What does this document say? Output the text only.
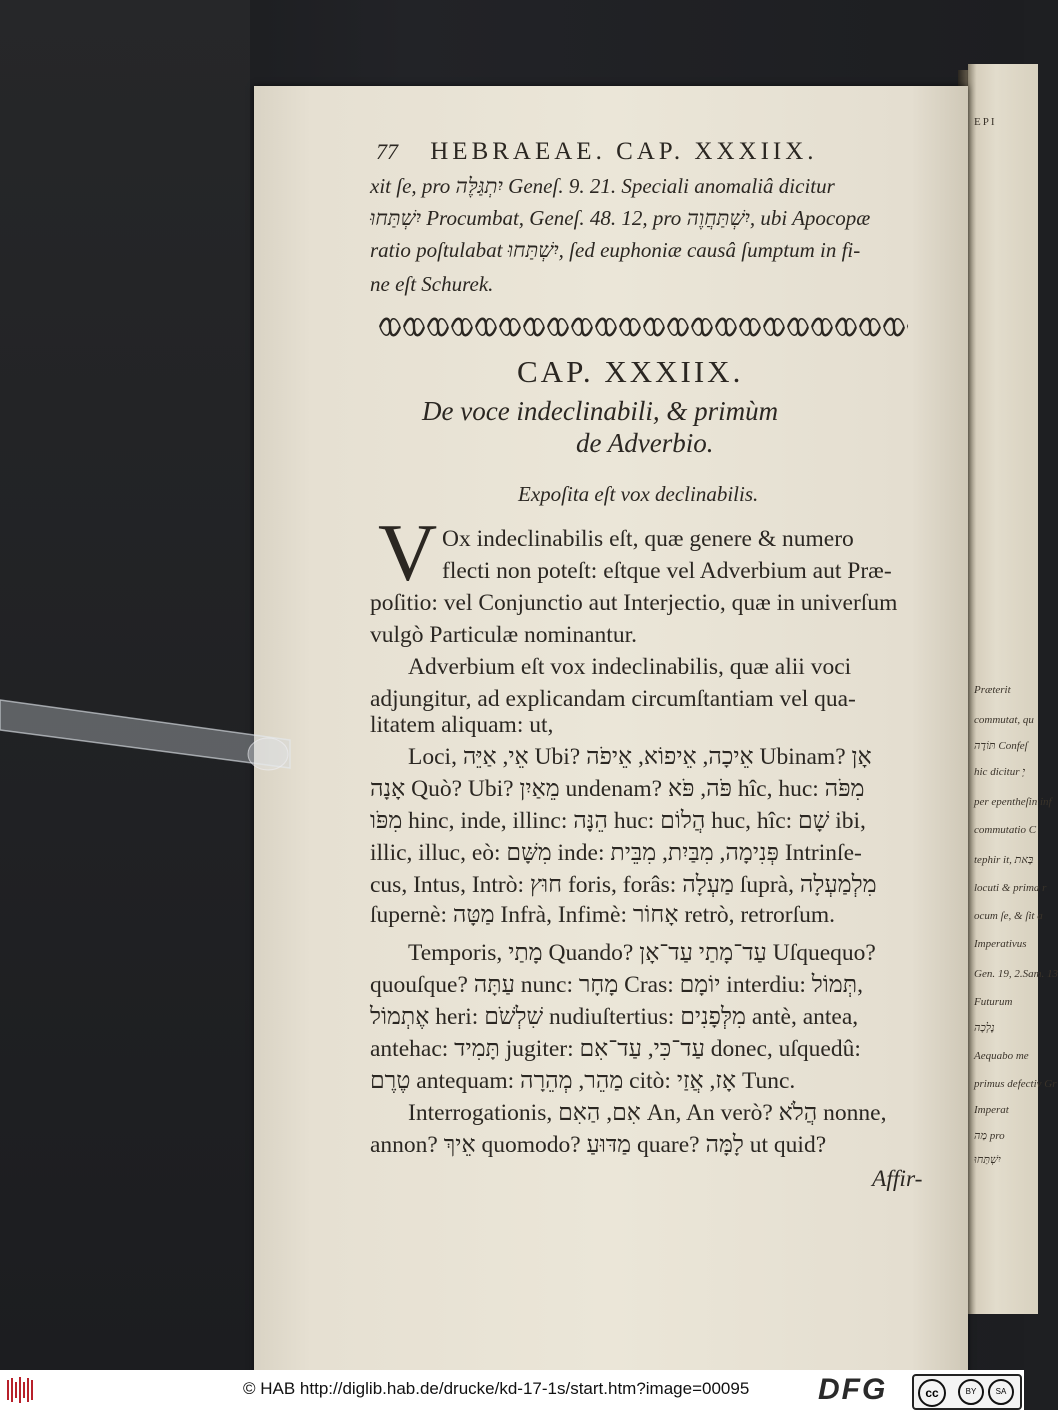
EPI
Præterit
commutat, qu
תּוֹדֶה Confeſ
hic dicitur יְ
per epentheſin inf
commutatio C
tephir it, בָּאת
locuti & prima r
ocum ſe, & ſit a
Imperativus
Gen. 19, 2.Sam. 13
Futurum
נֶלְכָה
Aequabo me
primus defectiv Gr
Imperat
מַה pro
יִשְׁתַּחוּ
77 HEBRAEAE. CAP. XXXIIX.
xit ſe, pro יִתְגַּלֶּה Geneſ. 9. 21. Speciali anomaliâ dicitur
יִשְׁתַּחוּ Procumbat, Geneſ. 48. 12, pro יִשְׁתַּחֲוֶה, ubi Apocopæ
ratio poſtulabat יִשְׁתַּחוּ, ſed euphoniæ causâ ſumptum in fi-
ne eſt Schurek.
CAP. XXXIIX.
De voce indeclinabili, & primùm
de Adverbio.
Expoſita eſt vox declinabilis.
V Ox indeclinabilis eſt, quæ genere & numero
flecti non poteſt: eſtque vel Adverbium aut Præ-
poſitio: vel Conjunctio aut Interjectio, quæ in univerſum
vulgò Particulæ nominantur.
Adverbium eſt vox indeclinabilis, quæ alii voci
adjungitur, ad explicandam circumſtantiam vel qua-
litatem aliquam: ut,
Loci, אֵי, אַיֵּה Ubi? אֵיכָה, אֵיפוֹא, אֵיפֹה Ubinam? אָן
אָנָה Quò? Ubi? מֵאַיִן undenam? פֹּה, פֹּא hîc, huc: מִפֹּה
מִפֹּו hinc, inde, illinc: הֵנָּה huc: הֲלוֹם huc, hîc: שָׁם ibi,
illic, illuc, eò: מִשָּׁם inde: פְּנִימָה, מִבַּיִת, מִבֵּית Intrinſe-
cus, Intus, Intrò: חוּץ foris, forâs: מַעְלָה ſuprà, מִלְמַעְלָה
ſupernè: מַטָּה Infrà, Infimè: אָחוֹר retrò, retrorſum.
Temporis, מָתַי Quando? עַד־מָתַי עַד־אָן Uſquequo?
quouſque? עַתָּה nunc: מָחָר Cras: יוֹמָם interdiu: תְּמוֹל,
אֶתְמוֹל heri: שִׁלְשֹׁם nudiuſtertius: מִלְּפָנִים antè, antea,
antehac: תָּמִיד jugiter: עַד־כִּי, עַד־אִם donec, uſquedû:
טֶרֶם antequam: מַהֵר, מְהֵרָה citò: אָז, אֲזַי Tunc.
Interrogationis, אִם, הַאִם An, An verò? הֲלֹא nonne,
annon? אֵיךְ quomodo? מַדּוּעַ quare? לָמָּה ut quid?
Affir-
© HAB http://diglib.hab.de/drucke/kd-17-1s/start.htm?image=00095 DFG	cc	BY	SA
